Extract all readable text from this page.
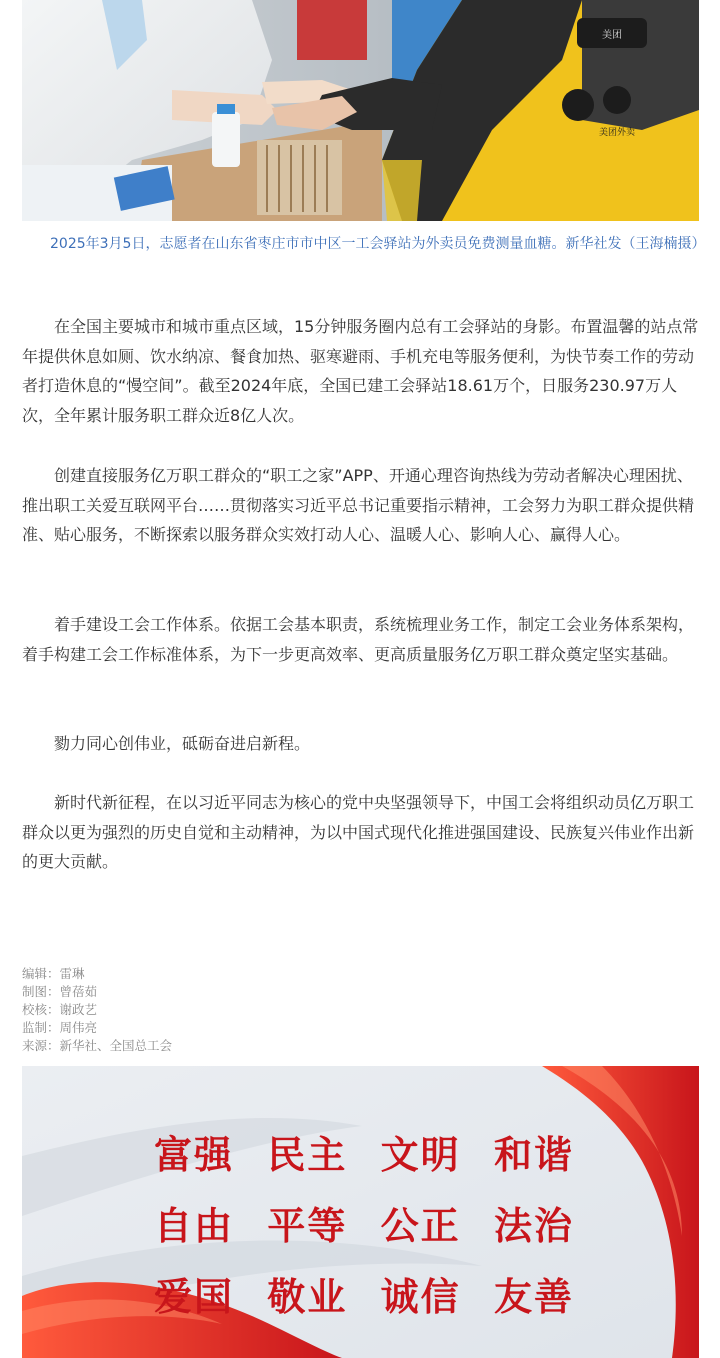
美团
美团外卖
2025年3月5日，志愿者在山东省枣庄市市中区一工会驿站为外卖员免费测量血糖。新华社发（王海楠摄）

在全国主要城市和城市重点区域，15分钟服务圈内总有工会驿站的身影。布置温馨的站点常年提供休息如厕、饮水纳凉、餐食加热、驱寒避雨、手机充电等服务便利，为快节奏工作的劳动者打造休息的“慢空间”。截至2024年底，全国已建工会驿站18.61万个，日服务230.97万人次，全年累计服务职工群众近8亿人次。

创建直接服务亿万职工群众的“职工之家”APP、开通心理咨询热线为劳动者解决心理困扰、推出职工关爱互联网平台……贯彻落实习近平总书记重要指示精神，工会努力为职工群众提供精准、贴心服务，不断探索以服务群众实效打动人心、温暖人心、影响人心、赢得人心。

着手建设工会工作体系。依据工会基本职责，系统梳理业务工作，制定工会业务体系架构，着手构建工会工作标准体系，为下一步更高效率、更高质量服务亿万职工群众奠定坚实基础。

勠力同心创伟业，砥砺奋进启新程。

新时代新征程，在以习近平同志为核心的党中央坚强领导下，中国工会将组织动员亿万职工群众以更为强烈的历史自觉和主动精神，为以中国式现代化推进强国建设、民族复兴伟业作出新的更大贡献。

编辑：雷琳
制图：曾蓓茹
校核：谢政艺
监制：周伟亮
来源：新华社、全国总工会
富强 民主 文明 和谐
自由 平等 公正 法治
爱国 敬业 诚信 友善
